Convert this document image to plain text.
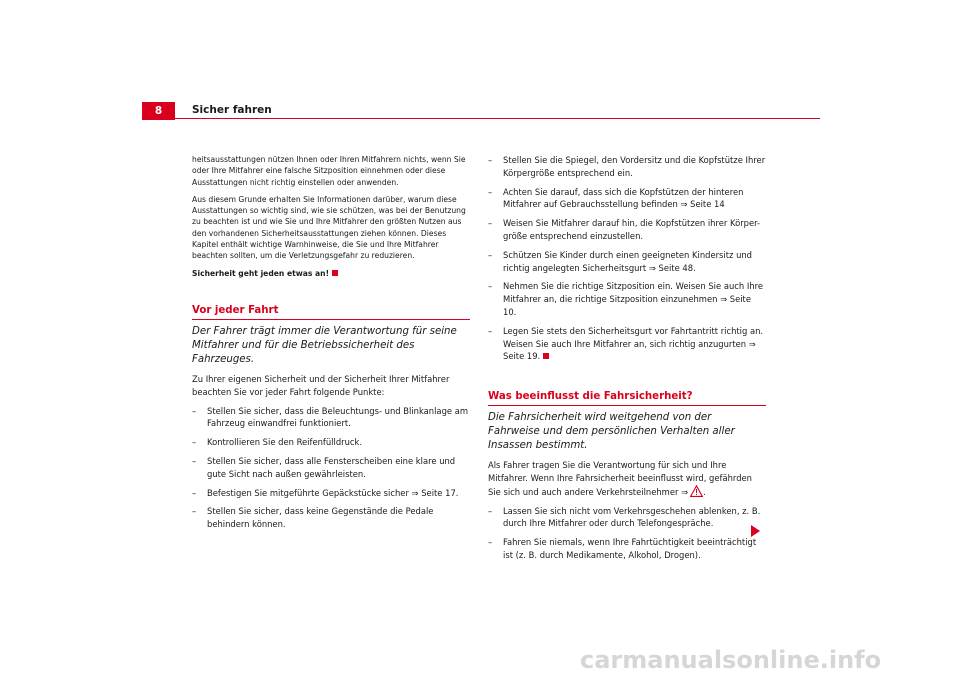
8	Sicher fahren

heitsausstattungen nützen Ihnen oder Ihren Mitfahrern nichts, wenn Sie oder Ihre Mitfahrer eine falsche Sitzposition einnehmen oder diese Ausstattungen nicht richtig einstellen oder anwenden.

Aus diesem Grunde erhalten Sie Informationen darüber, warum diese Ausstattungen so wichtig sind, wie sie schützen, was bei der Benutzung zu beachten ist und wie Sie und Ihre Mitfahrer den größten Nutzen aus den vorhandenen Sicherheitsausstattungen ziehen können. Dieses Kapitel enthält wichtige Warnhinweise, die Sie und Ihre Mitfahrer beachten sollten, um die Verletzungsgefahr zu reduzieren.

Sicherheit geht jeden etwas an!

Vor jeder Fahrt

Der Fahrer trägt immer die Verantwortung für seine Mitfahrer und für die Betriebssicherheit des Fahrzeuges.

Zu Ihrer eigenen Sicherheit und der Sicherheit Ihrer Mitfahrer beachten Sie vor jeder Fahrt folgende Punkte:

– Stellen Sie sicher, dass die Beleuchtungs- und Blinkanlage am Fahrzeug einwandfrei funktioniert.
– Kontrollieren Sie den Reifenfülldruck.
– Stellen Sie sicher, dass alle Fensterscheiben eine klare und gute Sicht nach außen gewährleisten.
– Befestigen Sie mitgeführte Gepäckstücke sicher ⇒ Seite 17.
– Stellen Sie sicher, dass keine Gegenstände die Pedale behindern können.
– Stellen Sie die Spiegel, den Vordersitz und die Kopfstütze Ihrer Körpergröße entsprechend ein.
– Achten Sie darauf, dass sich die Kopfstützen der hinteren Mitfahrer auf Gebrauchsstellung befinden ⇒ Seite 14
– Weisen Sie Mitfahrer darauf hin, die Kopfstützen ihrer Körper-größe entsprechend einzustellen.
– Schützen Sie Kinder durch einen geeigneten Kindersitz und richtig angelegten Sicherheitsgurt ⇒ Seite 48.
– Nehmen Sie die richtige Sitzposition ein. Weisen Sie auch Ihre Mitfahrer an, die richtige Sitzposition einzunehmen ⇒ Seite 10.
– Legen Sie stets den Sicherheitsgurt vor Fahrtantritt richtig an. Weisen Sie auch Ihre Mitfahrer an, sich richtig anzugurten ⇒ Seite 19.
Was beeinflusst die Fahrsicherheit?

Die Fahrsicherheit wird weitgehend von der Fahrweise und dem persönlichen Verhalten aller Insassen bestimmt.

Als Fahrer tragen Sie die Verantwortung für sich und Ihre Mitfahrer. Wenn Ihre Fahrsicherheit beeinflusst wird, gefährden Sie sich und auch andere Verkehrsteilnehmer ⇒ .

– Lassen Sie sich nicht vom Verkehrsgeschehen ablenken, z. B. durch Ihre Mitfahrer oder durch Telefongespräche.
– Fahren Sie niemals, wenn Ihre Fahrtüchtigkeit beeinträchtigt ist (z. B. durch Medikamente, Alkohol, Drogen).
carmanualsonline.info
